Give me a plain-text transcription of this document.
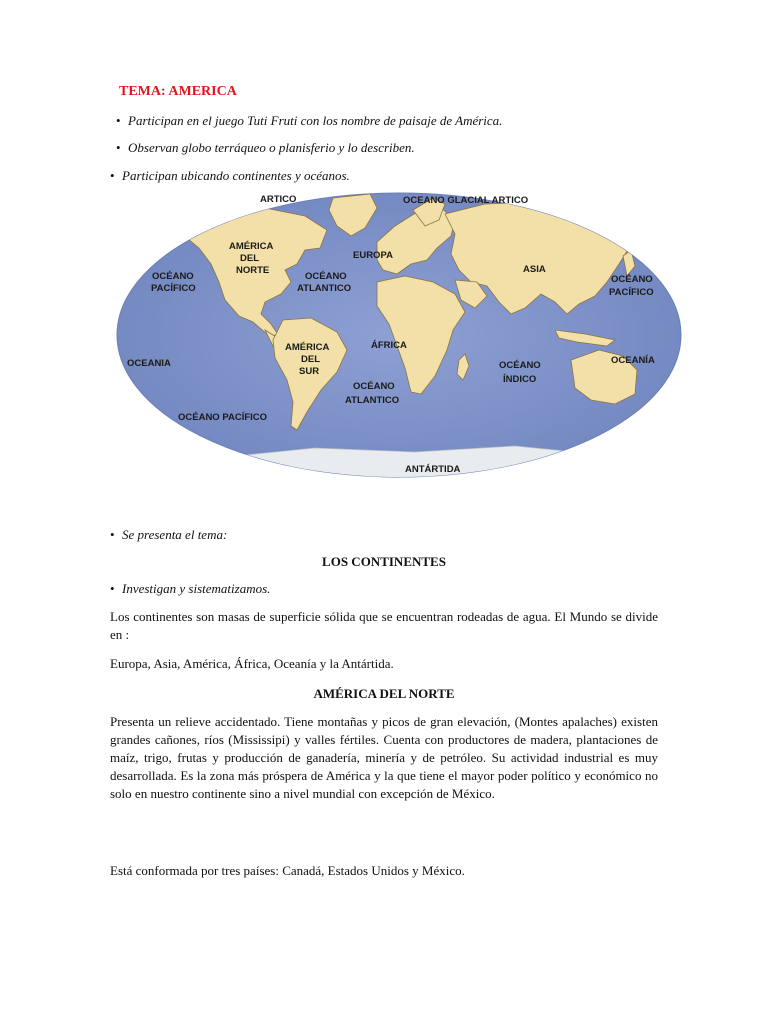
TEMA: AMERICA
• Participan en el juego Tuti Fruti con los nombre de paisaje de América.
• Observan globo terráqueo o planisferio y lo describen.
• Participan ubicando continentes y océanos.
ARTICO	OCEANO GLACIAL ARTICO
AMÉRICA
DEL
NORTE
OCÉANO
PACÍFICO
OCÉANO
ATLANTICO
EUROPA
ASIA
OCÉANO
PACÍFICO
OCEANIA
AMÉRICA
DEL
SUR
ÁFRICA
OCÉANO
ÍNDICO
OCEANÍA
OCÉANO
ATLANTICO
OCÉANO PACÍFICO
ANTÁRTIDA
• Se presenta el tema:
LOS CONTINENTES
• Investigan y sistematizamos.
Los continentes son masas de superficie sólida que se encuentran rodeadas de agua. El Mundo se divide en :
Europa, Asia, América, África, Oceanía y la Antártida.
AMÉRICA DEL NORTE
Presenta un relieve accidentado. Tiene montañas y picos de gran elevación, (Montes apalaches) existen grandes cañones, ríos (Mississipi) y valles fértiles. Cuenta con productores de madera, plantaciones de maíz, trigo, frutas y producción de ganadería, minería y de petróleo. Su actividad industrial es muy desarrollada. Es la zona más próspera de América y la que tiene el mayor poder político y económico no solo en nuestro continente sino a nivel mundial con excepción de México.
Está conformada por tres países: Canadá, Estados Unidos y México.
